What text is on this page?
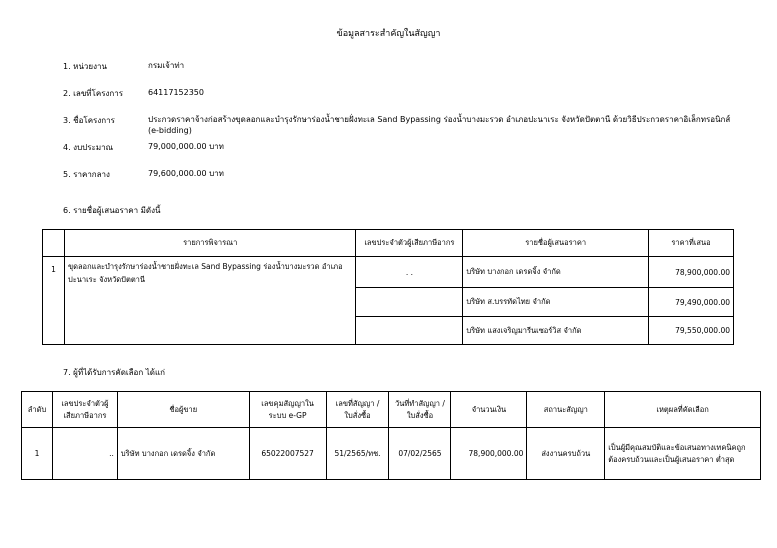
ข้อมูลสาระสำคัญในสัญญา
1. หน่วยงาน	กรมเจ้าท่า
2. เลขที่โครงการ	64117152350
3. ชื่อโครงการ	ประกวดราคาจ้างก่อสร้างขุดลอกและบำรุงรักษาร่องน้ำชายฝั่งทะเล Sand Bypassing ร่องน้ำบางมะรวด อำเภอปะนาเระ จังหวัดปัตตานี ด้วยวิธีประกวดราคาอิเล็กทรอนิกส์ (e-bidding)
4. งบประมาณ	79,000,000.00 บาท
5. ราคากลาง	79,600,000.00 บาท
6. รายชื่อผู้เสนอราคา มีดังนี้
	รายการพิจารณา	เลขประจำตัวผู้เสียภาษีอากร	รายชื่อผู้เสนอราคา	ราคาที่เสนอ
1	ขุดลอกและบำรุงรักษาร่องน้ำชายฝั่งทะเล Sand Bypassing ร่องน้ำบางมะรวด อำเภอปะนาเระ จังหวัดปัตตานี	. .	บริษัท บางกอก เดรดจิ้ง จำกัด	78,900,000.00
			บริษัท ส.บรรทัดไทย จำกัด	79,490,000.00
			บริษัท แสงเจริญมารีนเซอร์วิส จำกัด	79,550,000.00
7. ผู้ที่ได้รับการคัดเลือก ได้แก่
ลำดับ	เลขประจำตัวผู้เสียภาษีอากร	ชื่อผู้ขาย	เลขคุมสัญญาในระบบ e-GP	เลขที่สัญญา / ใบสั่งซื้อ	วันที่ทำสัญญา / ใบสั่งซื้อ	จำนวนเงิน	สถานะสัญญา	เหตุผลที่คัดเลือก
1	..	บริษัท บางกอก เดรดจิ้ง จำกัด	65022007527	51/2565/ทช.	07/02/2565	78,900,000.00	ส่งงานครบถ้วน	เป็นผู้มีคุณสมบัติและข้อเสนอทางเทคนิคถูกต้องครบถ้วนและเป็นผู้เสนอราคา ต่ำสุด
